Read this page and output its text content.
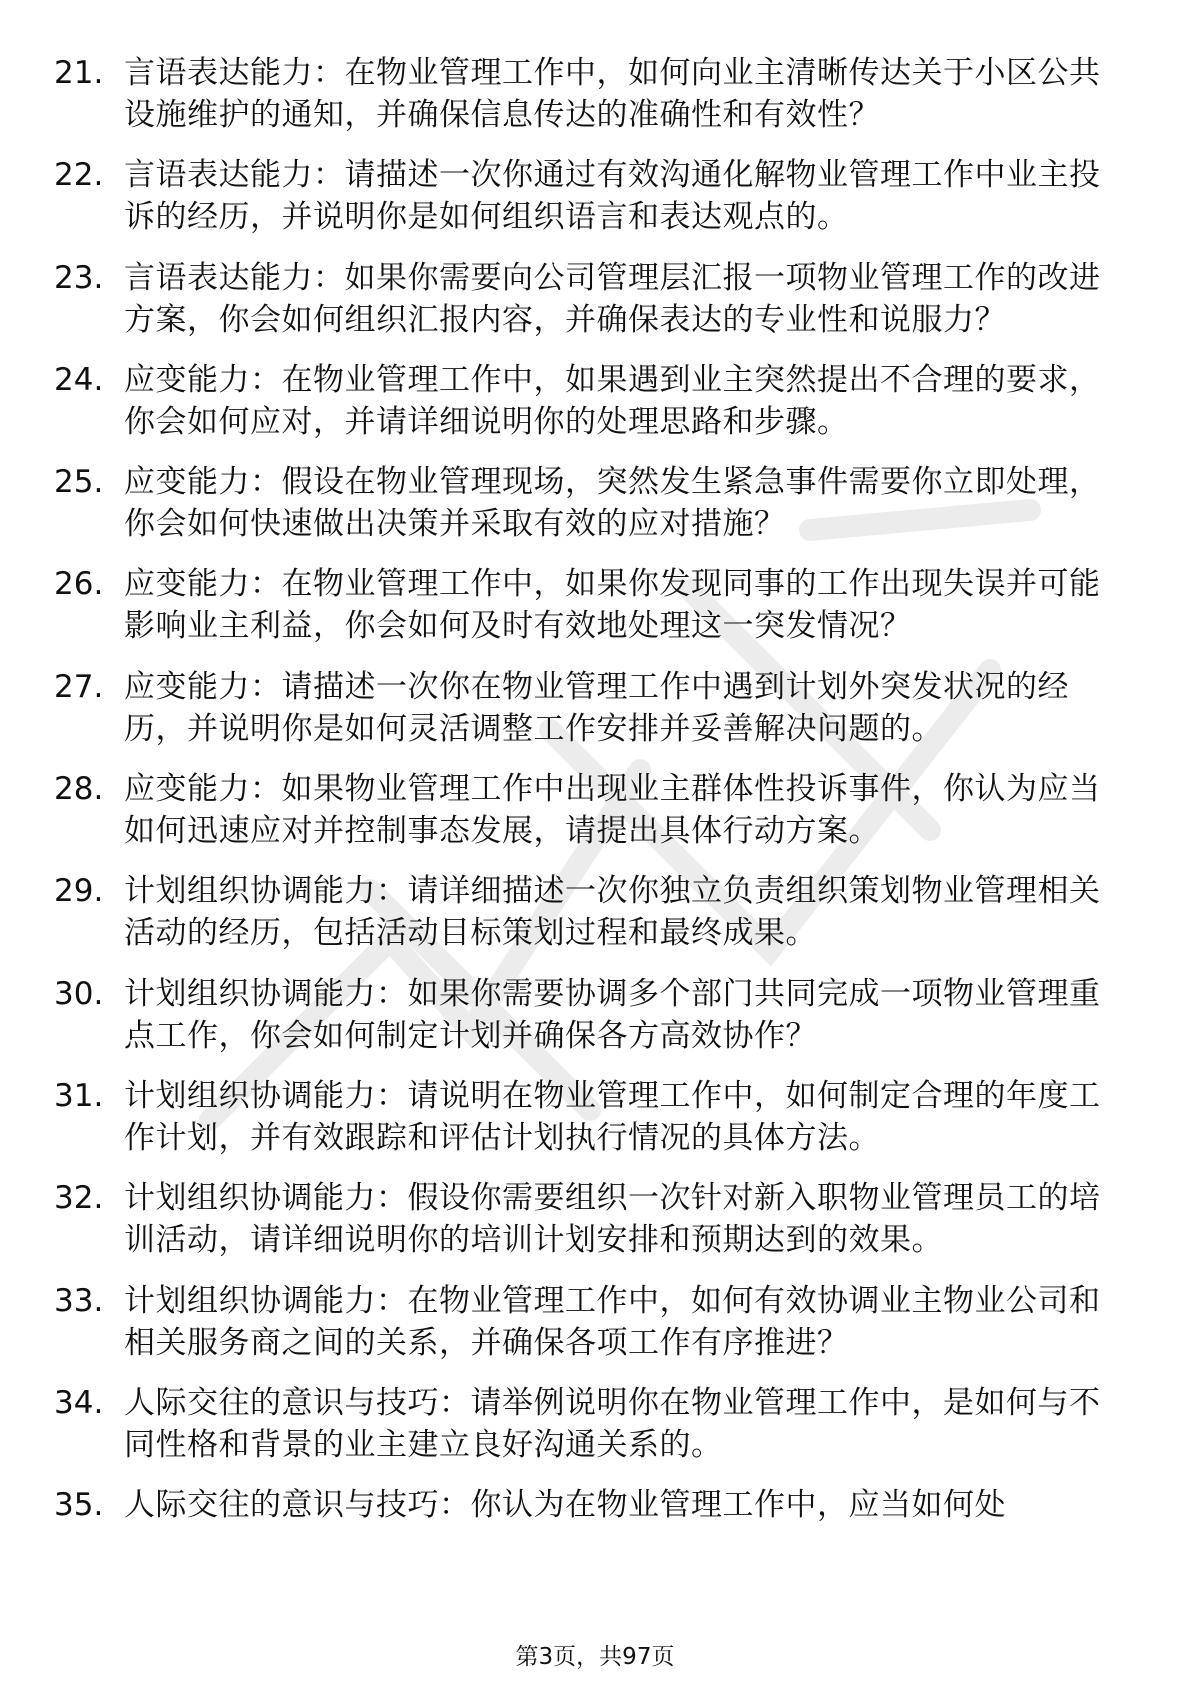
21. 言语表达能力：在物业管理工作中，如何向业主清晰传达关于小区公共设施维护的通知，并确保信息传达的准确性和有效性？
22. 言语表达能力：请描述一次你通过有效沟通化解物业管理工作中业主投诉的经历，并说明你是如何组织语言和表达观点的。
23. 言语表达能力：如果你需要向公司管理层汇报一项物业管理工作的改进方案，你会如何组织汇报内容，并确保表达的专业性和说服力？
24. 应变能力：在物业管理工作中，如果遇到业主突然提出不合理的要求，你会如何应对，并请详细说明你的处理思路和步骤。
25. 应变能力：假设在物业管理现场，突然发生紧急事件需要你立即处理，你会如何快速做出决策并采取有效的应对措施？
26. 应变能力：在物业管理工作中，如果你发现同事的工作出现失误并可能影响业主利益，你会如何及时有效地处理这一突发情况？
27. 应变能力：请描述一次你在物业管理工作中遇到计划外突发状况的经历，并说明你是如何灵活调整工作安排并妥善解决问题的。
28. 应变能力：如果物业管理工作中出现业主群体性投诉事件，你认为应当如何迅速应对并控制事态发展，请提出具体行动方案。
29. 计划组织协调能力：请详细描述一次你独立负责组织策划物业管理相关活动的经历，包括活动目标策划过程和最终成果。
30. 计划组织协调能力：如果你需要协调多个部门共同完成一项物业管理重点工作，你会如何制定计划并确保各方高效协作？
31. 计划组织协调能力：请说明在物业管理工作中，如何制定合理的年度工作计划，并有效跟踪和评估计划执行情况的具体方法。
32. 计划组织协调能力：假设你需要组织一次针对新入职物业管理员工的培训活动，请详细说明你的培训计划安排和预期达到的效果。
33. 计划组织协调能力：在物业管理工作中，如何有效协调业主物业公司和相关服务商之间的关系，并确保各项工作有序推进？
34. 人际交往的意识与技巧：请举例说明你在物业管理工作中，是如何与不同性格和背景的业主建立良好沟通关系的。
35. 人际交往的意识与技巧：你认为在物业管理工作中，应当如何处
第3页，共97页
